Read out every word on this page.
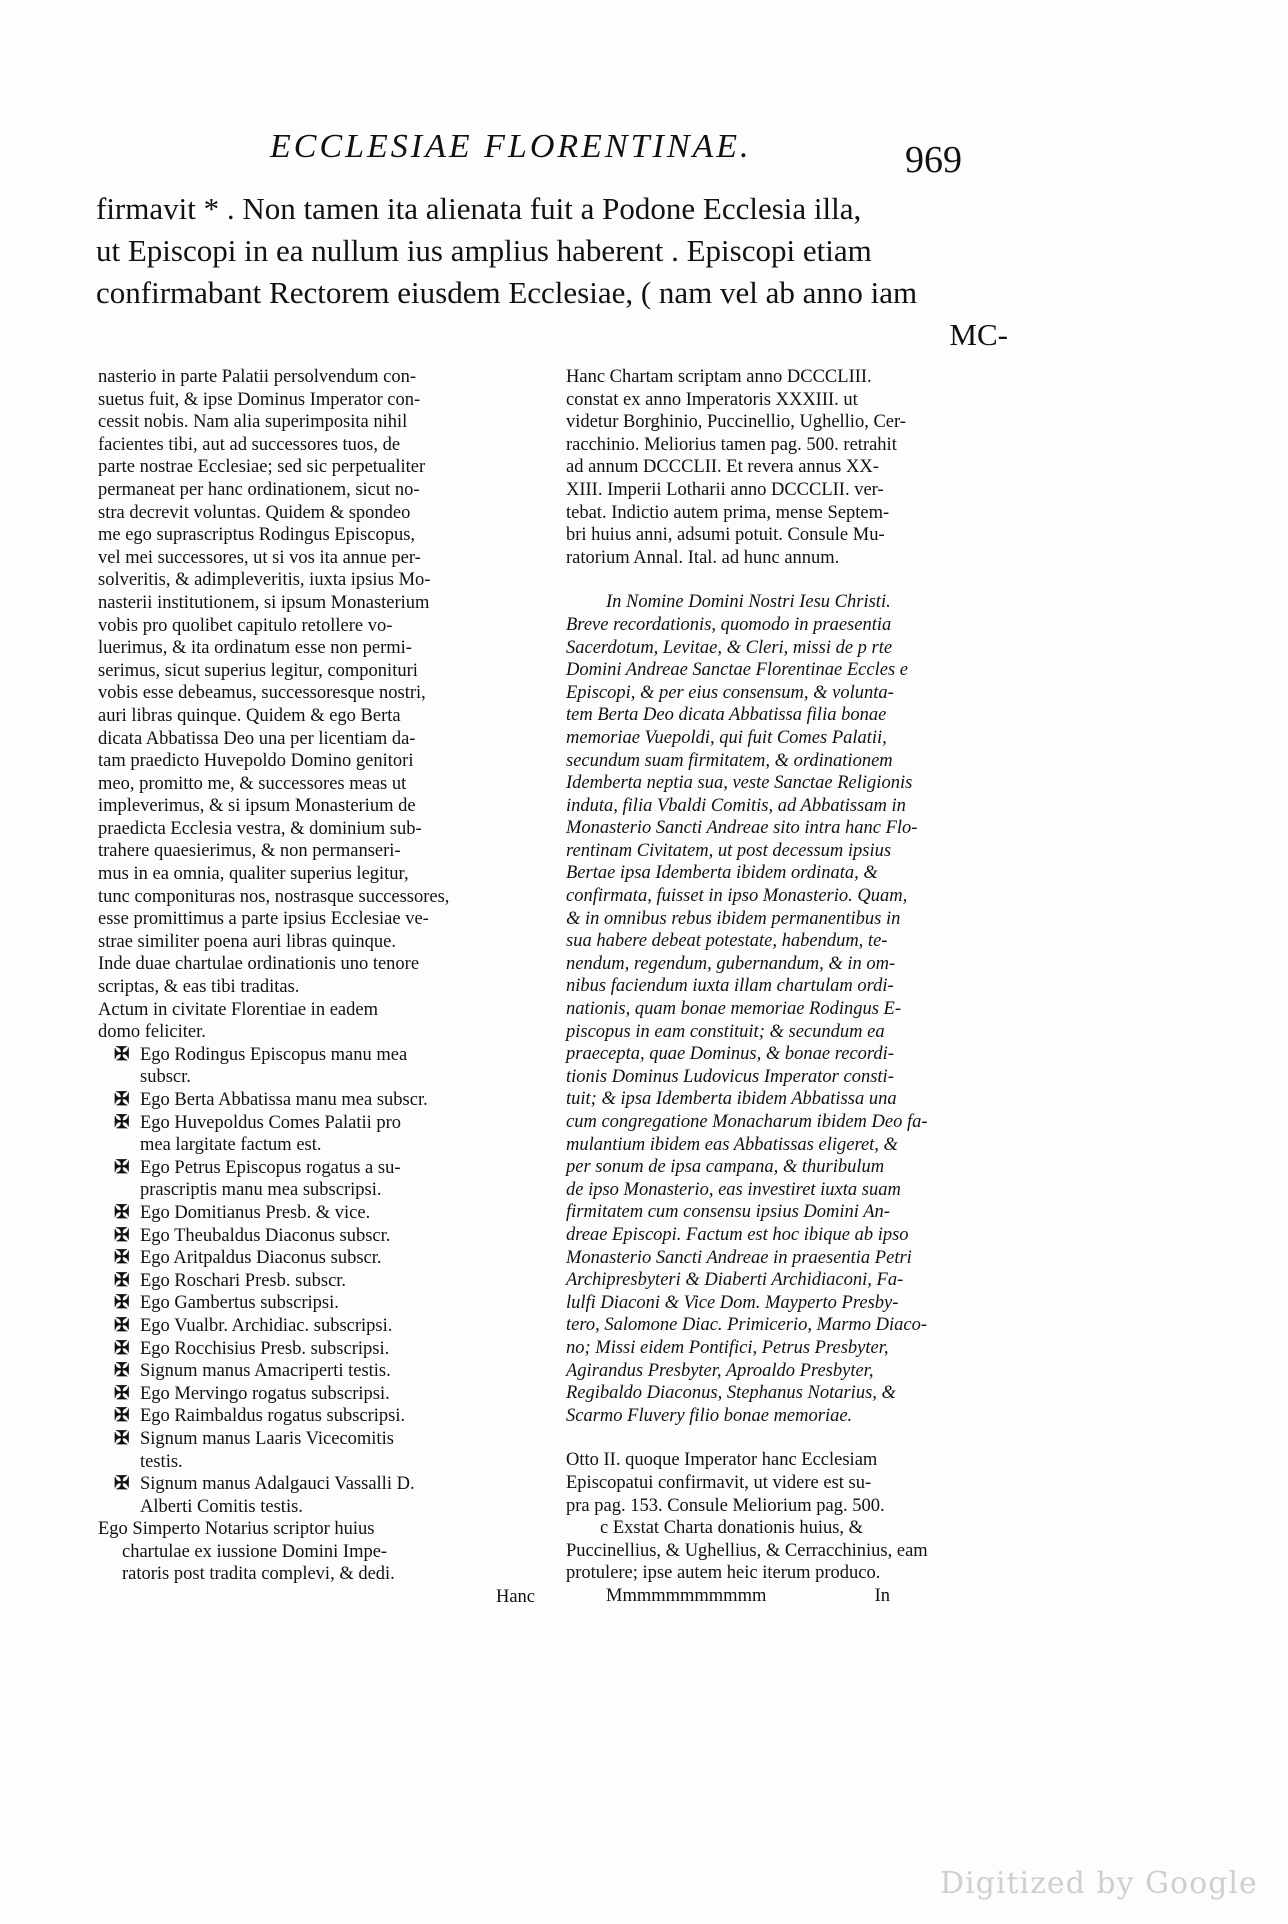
ECCLESIAE FLORENTINAE.	969

firmavit * . Non tamen ita alienata fuit a Podone Ecclesia illa,

ut Episcopi in ea nullum ius amplius haberent . Episcopi etiam

confirmabant Rectorem eiusdem Ecclesiae, ( nam vel ab anno iam

MC-

nasterio in parte Palatii persolvendum con-

suetus fuit, & ipse Dominus Imperator con-

cessit nobis. Nam alia superimposita nihil

facientes tibi, aut ad successores tuos, de

parte nostrae Ecclesiae; sed sic perpetualiter

permaneat per hanc ordinationem, sicut no-

stra decrevit voluntas. Quidem & spondeo

me ego suprascriptus Rodingus Episcopus,

vel mei successores, ut si vos ita annue per-

solveritis, & adimpleveritis, iuxta ipsius Mo-

nasterii institutionem, si ipsum Monasterium

vobis pro quolibet capitulo retollere vo-

luerimus, & ita ordinatum esse non permi-

serimus, sicut superius legitur, componituri

vobis esse debeamus, successoresque nostri,

auri libras quinque. Quidem & ego Berta

dicata Abbatissa Deo una per licentiam da-

tam praedicto Huvepoldo Domino genitori

meo, promitto me, & successores meas ut

impleverimus, & si ipsum Monasterium de

praedicta Ecclesia vestra, & dominium sub-

trahere quaesierimus, & non permanseri-

mus in ea omnia, qualiter superius legitur,

tunc componituras nos, nostrasque successores,

esse promittimus a parte ipsius Ecclesiae ve-

strae similiter poena auri libras quinque.

Inde duae chartulae ordinationis uno tenore

scriptas, & eas tibi traditas.

Actum in civitate Florentiae in eadem

domo feliciter.

✠ Ego Rodingus Episcopus manu mea

subscr.

✠ Ego Berta Abbatissa manu mea subscr.

✠ Ego Huvepoldus Comes Palatii pro

mea largitate factum est.

✠ Ego Petrus Episcopus rogatus a su-

prascriptis manu mea subscripsi.

✠ Ego Domitianus Presb. & vice.

✠ Ego Theubaldus Diaconus subscr.

✠ Ego Aritpaldus Diaconus subscr.

✠ Ego Roschari Presb. subscr.

✠ Ego Gambertus subscripsi.

✠ Ego Vualbr. Archidiac. subscripsi.

✠ Ego Rocchisius Presb. subscripsi.

✠ Signum manus Amacriperti testis.

✠ Ego Mervingo rogatus subscripsi.

✠ Ego Raimbaldus rogatus subscripsi.

✠ Signum manus Laaris Vicecomitis

testis.

✠ Signum manus Adalgauci Vassalli D.

Alberti Comitis testis.

Ego Simperto Notarius scriptor huius

chartulae ex iussione Domini Impe-

ratoris post tradita complevi, & dedi.

Hanc

Hanc Chartam scriptam anno DCCCLIII.

constat ex anno Imperatoris XXXIII. ut

videtur Borghinio, Puccinellio, Ughellio, Cer-

racchinio. Meliorius tamen pag. 500. retrahit

ad annum DCCCLII. Et revera annus XX-

XIII. Imperii Lotharii anno DCCCLII. ver-

tebat. Indictio autem prima, mense Septem-

bri huius anni, adsumi potuit. Consule Mu-

ratorium Annal. Ital. ad hunc annum.

In Nomine Domini Nostri Iesu Christi.

Breve recordationis, quomodo in praesentia

Sacerdotum, Levitae, & Cleri, missi de p rte

Domini Andreae Sanctae Florentinae Eccles e

Episcopi, & per eius consensum, & volunta-

tem Berta Deo dicata Abbatissa filia bonae

memoriae Vuepoldi, qui fuit Comes Palatii,

secundum suam firmitatem, & ordinationem

Idemberta neptia sua, veste Sanctae Religionis

induta, filia Vbaldi Comitis, ad Abbatissam in

Monasterio Sancti Andreae sito intra hanc Flo-

rentinam Civitatem, ut post decessum ipsius

Bertae ipsa Idemberta ibidem ordinata, &

confirmata, fuisset in ipso Monasterio. Quam,

& in omnibus rebus ibidem permanentibus in

sua habere debeat potestate, habendum, te-

nendum, regendum, gubernandum, & in om-

nibus faciendum iuxta illam chartulam ordi-

nationis, quam bonae memoriae Rodingus E-

piscopus in eam constituit; & secundum ea

praecepta, quae Dominus, & bonae recordi-

tionis Dominus Ludovicus Imperator consti-

tuit; & ipsa Idemberta ibidem Abbatissa una

cum congregatione Monacharum ibidem Deo fa-

mulantium ibidem eas Abbatissas eligeret, &

per sonum de ipsa campana, & thuribulum

de ipso Monasterio, eas investiret iuxta suam

firmitatem cum consensu ipsius Domini An-

dreae Episcopi. Factum est hoc ibique ab ipso

Monasterio Sancti Andreae in praesentia Petri

Archipresbyteri & Diaberti Archidiaconi, Fa-

lulfi Diaconi & Vice Dom. Mayperto Presby-

tero, Salomone Diac. Primicerio, Marmo Diaco-

no; Missi eidem Pontifici, Petrus Presbyter,

Agirandus Presbyter, Aproaldo Presbyter,

Regibaldo Diaconus, Stephanus Notarius, &

Scarmo Fluvery filio bonae memoriae.

Otto II. quoque Imperator hanc Ecclesiam

Episcopatui confirmavit, ut videre est su-

pra pag. 153. Consule Meliorium pag. 500.

c Exstat Charta donationis huius, &

Puccinellius, & Ughellius, & Cerracchinius, eam

protulere; ipse autem heic iterum produco.

Mmmmmmmmmmm	In

Digitized by Google
